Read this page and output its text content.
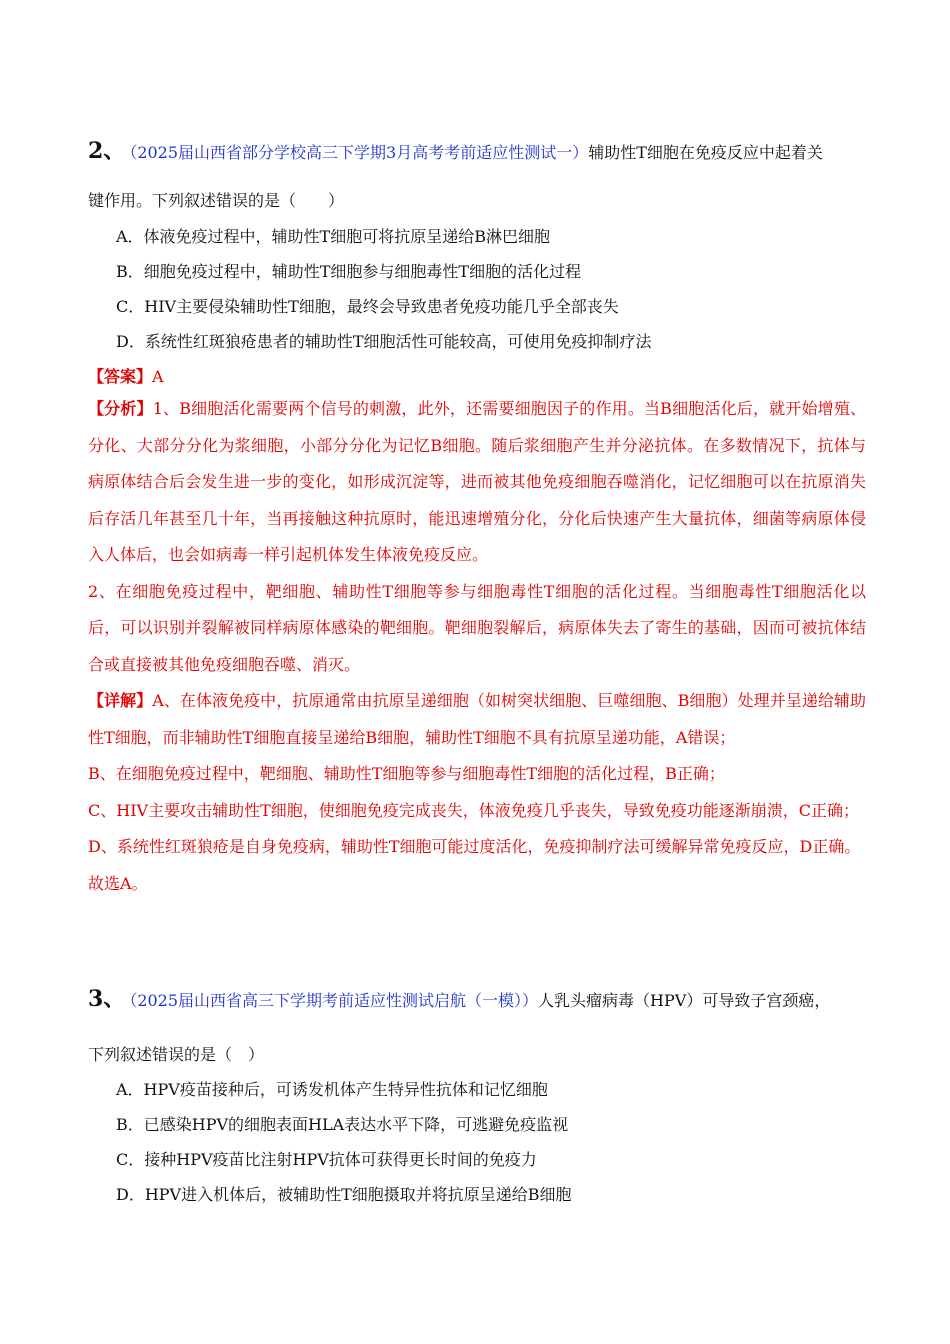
2、 （2025届山西省部分学校高三下学期3月高考考前适应性测试一）辅助性T细胞在免疫反应中起着关
键作用。下列叙述错误的是（　　）
A．体液免疫过程中，辅助性T细胞可将抗原呈递给B淋巴细胞
B．细胞免疫过程中，辅助性T细胞参与细胞毒性T细胞的活化过程
C．HIV主要侵染辅助性T细胞，最终会导致患者免疫功能几乎全部丧失
D．系统性红斑狼疮患者的辅助性T细胞活性可能较高，可使用免疫抑制疗法
【答案】A

【分析】1、B细胞活化需要两个信号的刺激，此外，还需要细胞因子的作用。当B细胞活化后，就开始增殖、分化、大部分分化为浆细胞，小部分分化为记忆B细胞。随后浆细胞产生并分泌抗体。在多数情况下，抗体与病原体结合后会发生进一步的变化，如形成沉淀等，进而被其他免疫细胞吞噬消化，记忆细胞可以在抗原消失后存活几年甚至几十年，当再接触这种抗原时，能迅速增殖分化，分化后快速产生大量抗体，细菌等病原体侵入人体后，也会如病毒一样引起机体发生体液免疫反应。

2、在细胞免疫过程中，靶细胞、辅助性T细胞等参与细胞毒性T细胞的活化过程。当细胞毒性T细胞活化以后，可以识别并裂解被同样病原体感染的靶细胞。靶细胞裂解后，病原体失去了寄生的基础，因而可被抗体结合或直接被其他免疫细胞吞噬、消灭。

【详解】A、在体液免疫中，抗原通常由抗原呈递细胞（如树突状细胞、巨噬细胞、B细胞）处理并呈递给辅助性T细胞，而非辅助性T细胞直接呈递给B细胞，辅助性T细胞不具有抗原呈递功能，A错误；

B、在细胞免疫过程中，靶细胞、辅助性T细胞等参与细胞毒性T细胞的活化过程，B正确；

C、HIV主要攻击辅助性T细胞，使细胞免疫完成丧失，体液免疫几乎丧失，导致免疫功能逐渐崩溃，C正确；

D、系统性红斑狼疮是自身免疫病，辅助性T细胞可能过度活化，免疫抑制疗法可缓解异常免疫反应，D正确。

故选A。

3、 （2025届山西省高三下学期考前适应性测试启航（一模））人乳头瘤病毒（HPV）可导致子宫颈癌，
下列叙述错误的是（　）
A．HPV疫苗接种后，可诱发机体产生特异性抗体和记忆细胞
B．已感染HPV的细胞表面HLA表达水平下降，可逃避免疫监视
C．接种HPV疫苗比注射HPV抗体可获得更长时间的免疫力
D．HPV进入机体后，被辅助性T细胞摄取并将抗原呈递给B细胞
